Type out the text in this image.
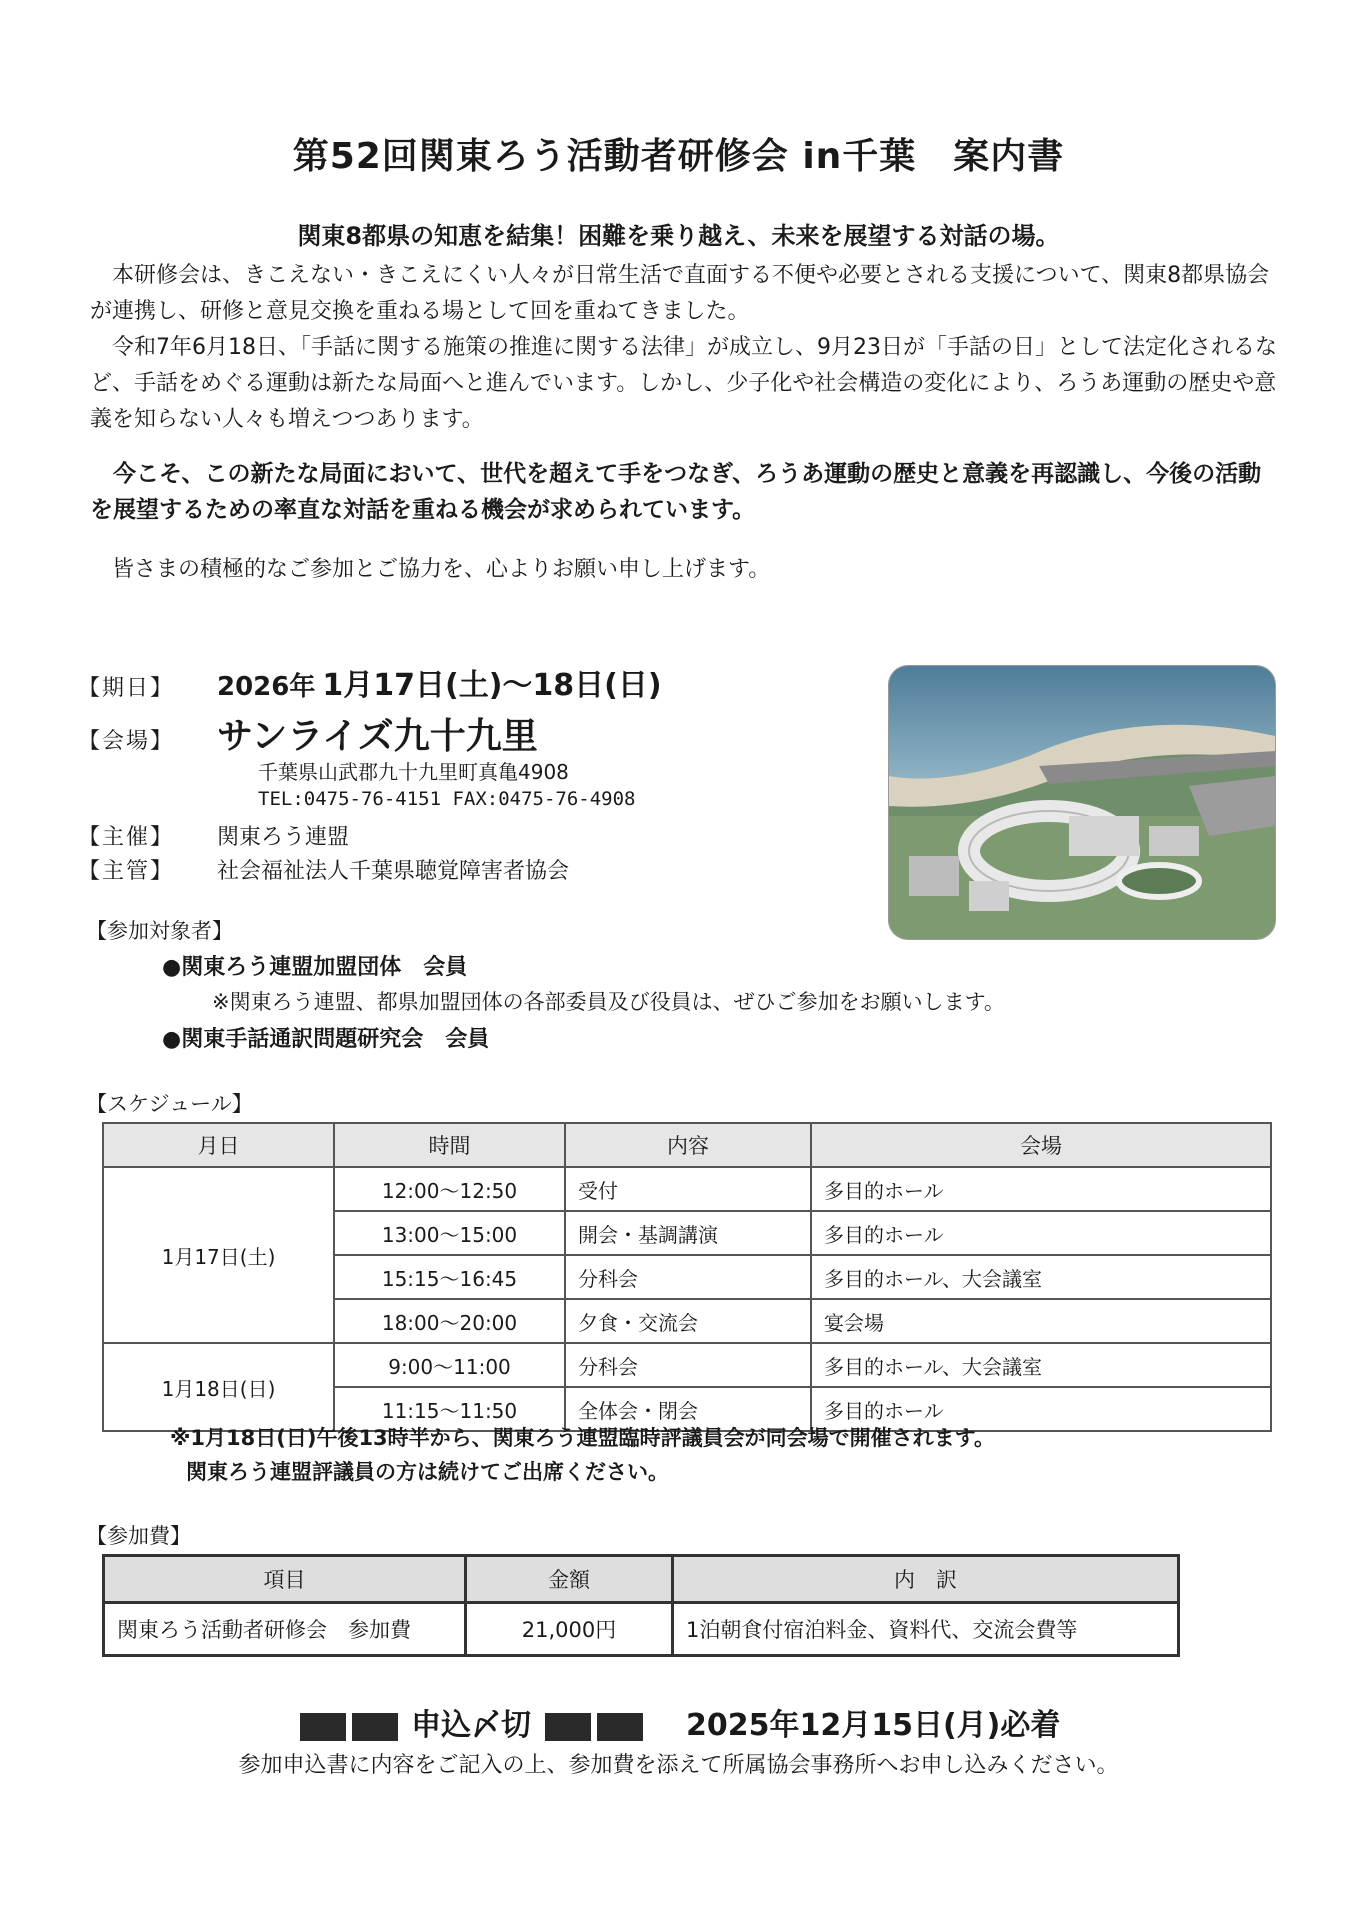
第52回関東ろう活動者研修会 in千葉　案内書
関東8都県の知恵を結集！困難を乗り越え、未来を展望する対話の場。
本研修会は、きこえない・きこえにくい人々が日常生活で直面する不便や必要とされる支援について、関東8都県協会が連携し、研修と意見交換を重ねる場として回を重ねてきました。
令和7年6月18日、「手話に関する施策の推進に関する法律」が成立し、9月23日が「手話の日」として法定化されるなど、手話をめぐる運動は新たな局面へと進んでいます。しかし、少子化や社会構造の変化により、ろうあ運動の歴史や意義を知らない人々も増えつつあります。
今こそ、この新たな局面において、世代を超えて手をつなぎ、ろうあ運動の歴史と意義を再認識し、今後の活動を展望するための率直な対話を重ねる機会が求められています。
皆さまの積極的なご参加とご協力を、心よりお願い申し上げます。
【期日】 2026年 1月17日(土)～18日(日)
【会場】 サンライズ九十九里
千葉県山武郡九十九里町真亀4908
TEL:0475-76-4151 FAX:0475-76-4908
【主催】 関東ろう連盟
【主管】 社会福祉法人千葉県聴覚障害者協会
【参加対象者】
●関東ろう連盟加盟団体　会員
※関東ろう連盟、都県加盟団体の各部委員及び役員は、ぜひご参加をお願いします。
●関東手話通訳問題研究会　会員
【スケジュール】
月日	時間	内容	会場
1月17日(土)	12:00～12:50	受付	多目的ホール
	13:00～15:00	開会・基調講演	多目的ホール
	15:15～16:45	分科会	多目的ホール、大会議室
	18:00～20:00	夕食・交流会	宴会場
1月18日(日)	9:00～11:00	分科会	多目的ホール、大会議室
	11:15～11:50	全体会・閉会	多目的ホール
※1月18日(日)午後13時半から、関東ろう連盟臨時評議員会が同会場で開催されます。
関東ろう連盟評議員の方は続けてご出席ください。
【参加費】
項目	金額	内　訳
関東ろう活動者研修会　参加費	21,000円	1泊朝食付宿泊料金、資料代、交流会費等
申込〆切	2025年12月15日(月)必着
参加申込書に内容をご記入の上、参加費を添えて所属協会事務所へお申し込みください。
